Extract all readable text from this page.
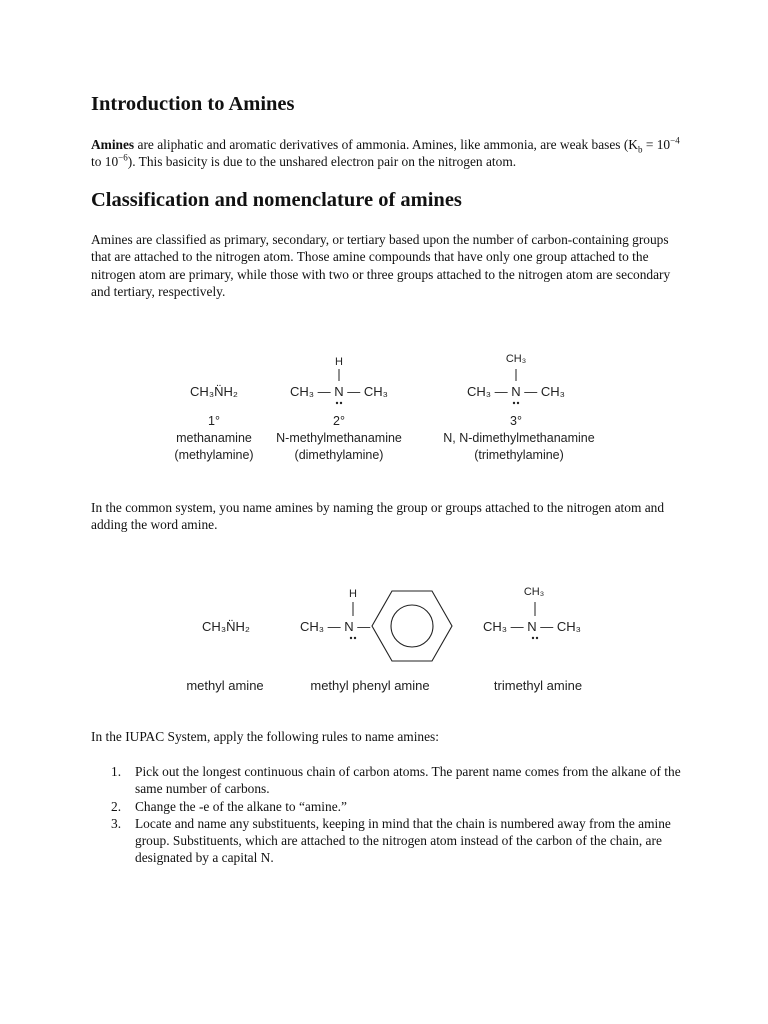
Introduction to Amines

Amines are aliphatic and aromatic derivatives of ammonia. Amines, like ammonia, are weak bases ($K_b = 10^{-4}$ to $10^{-6}$). This basicity is due to the unshared electron pair on the nitrogen atom.

Classification and nomenclature of amines

Amines are classified as primary, secondary, or tertiary based upon the number of carbon-containing groups that are attached to the nitrogen atom. Those amine compounds that have only one group attached to the nitrogen atom are primary, while those with two or three groups attached to the nitrogen atom are secondary and tertiary, respectively.

CH₃N̈H₂
1°
methanamine
(methylamine)
H
CH₃ — N — CH₃
2°
N-methylmethanamine
(dimethylamine)
CH₃
CH₃ — N — CH₃
3°
N, N-dimethylmethanamine
(trimethylamine)

In the common system, you name amines by naming the group or groups attached to the nitrogen atom and adding the word amine.

CH₃N̈H₂
methyl amine
H
CH₃ — N —
methyl phenyl amine
CH₃
CH₃ — N — CH₃
trimethyl amine

In the IUPAC System, apply the following rules to name amines:

1. Pick out the longest continuous chain of carbon atoms. The parent name comes from the alkane of the same number of carbons.
2. Change the -e of the alkane to “amine.”
3. Locate and name any substituents, keeping in mind that the chain is numbered away from the amine group. Substituents, which are attached to the nitrogen atom instead of the carbon of the chain, are designated by a capital N.
